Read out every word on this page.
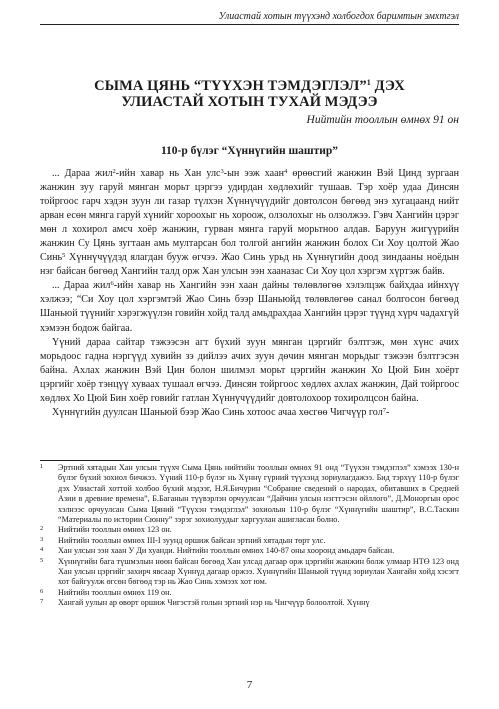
Улиастай хотын түүхэнд холбогдох баримтын эмхтгэл
СЫМА ЦЯНЬ “ТҮҮХЭН ТЭМДЭГЛЭЛ”$^1$ ДЭХ
УЛИАСТАЙ ХОТЫН ТУХАЙ МЭДЭЭ
Нийтийн тооллын өмнөх 91 он
110-р бүлэг “Хүннүгийн шаштир”

... Дараа жил$^2$-ийн хавар нь Хан улс$^3$-ын ээж хаан$^4$ өрөөсгий жанжин Вэй Цинд зургаан жанжин зуу гаруй мянган морьт цэргээ удирдан хөдлөхийг тушаав. Тэр хоёр удаа Динсян тойргоос гарч хэдэн зуун ли газар түлхэн Хүннүчүүдийг довтолсон бөгөөд энэ хугацаанд нийт арван есөн мянга гаруй хүнийг хороохыг нь хороож, олзолохыг нь олзолжээ. Гэвч Хангийн цэрэг мөн л хохирол амсч хоёр жанжин, гурван мянга гаруй морьтноо алдав. Баруун жигүүрийн жанжин Су Цянь зугтаан амь мултарсан бол толгой ангийн жанжин болох Си Хоу цолтой Жао Синь$^5$ Хүннүчүүдэд ялагдан бууж өгчээ. Жао Синь урьд нь Хүннүгийн доод зиндааны ноёдын нэг байсан бөгөөд Хангийн талд орж Хан улсын ээн хааназас Си Хоу цол хэргэм хүртэж байв.

... Дараа жил$^6$-ийн хавар нь Хангийн ээн хаан дайны төлөвлөгөө хэлэлцэж байхдаа ийнхүү хэлжээ; “Си Хоу цол хэргэмтэй Жао Синь бээр Шаньюйд төлөвлөгөө санал болгосон бөгөөд Шаньюй түүнийг хэрэгжүүлэн говийн хойд талд амьдрахдаа Хангийн цэрэг түүнд хүрч чадахгүй хэмээн бодож байгаа.

Үүний дараа сайтар тэжээсэн агт бүхий зуун мянган цэргийг бэлтгэж, мөн хүнс ачих морьдоос гадна нэргүүд хувийн зэ дийлээ ачих зуун дөчин мянган морьдыг тэжээн бэлтгэсэн байна. Ахлах жанжин Вэй Цин болон шилмэл морьт цэргийн жанжин Хо Цюй Бин хоёрт цэргийг хоёр тэнцүү хуваах тушаал өгчээ. Динсян тойргоос хөдлөх ахлах жанжин, Дай тойргоос хөдлөх Хо Цюй Бин хоёр говийг гатлан Хүннүчүүдийг довтолохоор тохиролцсон байна.

Хүннүгийн дуулсан Шаньюй бээр Жао Синь хотоос ачаа хөсгөө Чигчүүр гол$^7$-

1 Эртний хятадын Хан улсын түүхч Сыма Цянь нийтийн тооллын өмнөх 91 онд “Түүхэн тэмдэглэл” хэмээх 130-н бүлэг бүхий зохиол бичжээ. Үүний 110-р бүлэг нь Хүннү гүрний түүхэнд зориулагдажээ. Бид тэрхүү 110-р бүлэг дэх Улиастай хоттой холбоо бүхий мэдээг, Н.Я.Бичурин “Собрание сведений о народах, обитавших в Средней Азии в древние времена”, Б.Баганын түүвэрлэн орчуулсан “Дайчин улсын нэгтгэсэн ойллого”, Д.Моноргын орос хэлнээс орчуулсан Сыма Цяний “Түүхэн тэмдэглэл” зохиолын 110-р бүлэг “Хүннүгийн шаштир”, В.С.Таскин “Материалы по истории Сюнну” зэрэг зохиолуудыг харгуулан ашигласан болно.
2 Нийтийн тооллын өмнөх 123 он.
3 Нийтийн тооллын өмнөх III-I зуунд оршиж байсан эртний хятадын төрт улс.
4 Хан улсын ээн хаан У Ди хуанди. Нийтийн тооллын өмнөх 140-87 оны хооронд амьдарч байсан.
5 Хүннүгийн бага түшмэлын нөөн байсан бөгөөд Хан улсад дагаар орж цэргийн жанжин болж улмаар НТӨ 123 онд Хан улсын цэргийг захирч явсаар Хүннүд дагаар оржээ. Хүннүгийн Шаньюй түүнд зориулан Хангайн хойд хэсэгт хот байгуулж өгсөн бөгөөд тэр нь Жао Синь хэмээх хот юм.
6 Нийтийн тооллын өмнөх 119 он.
7 Хангай уулын ар өвөрт оршиж Чигэстэй голын эртний нэр нь Чигчүүр болоолтой. Хүннү
7
